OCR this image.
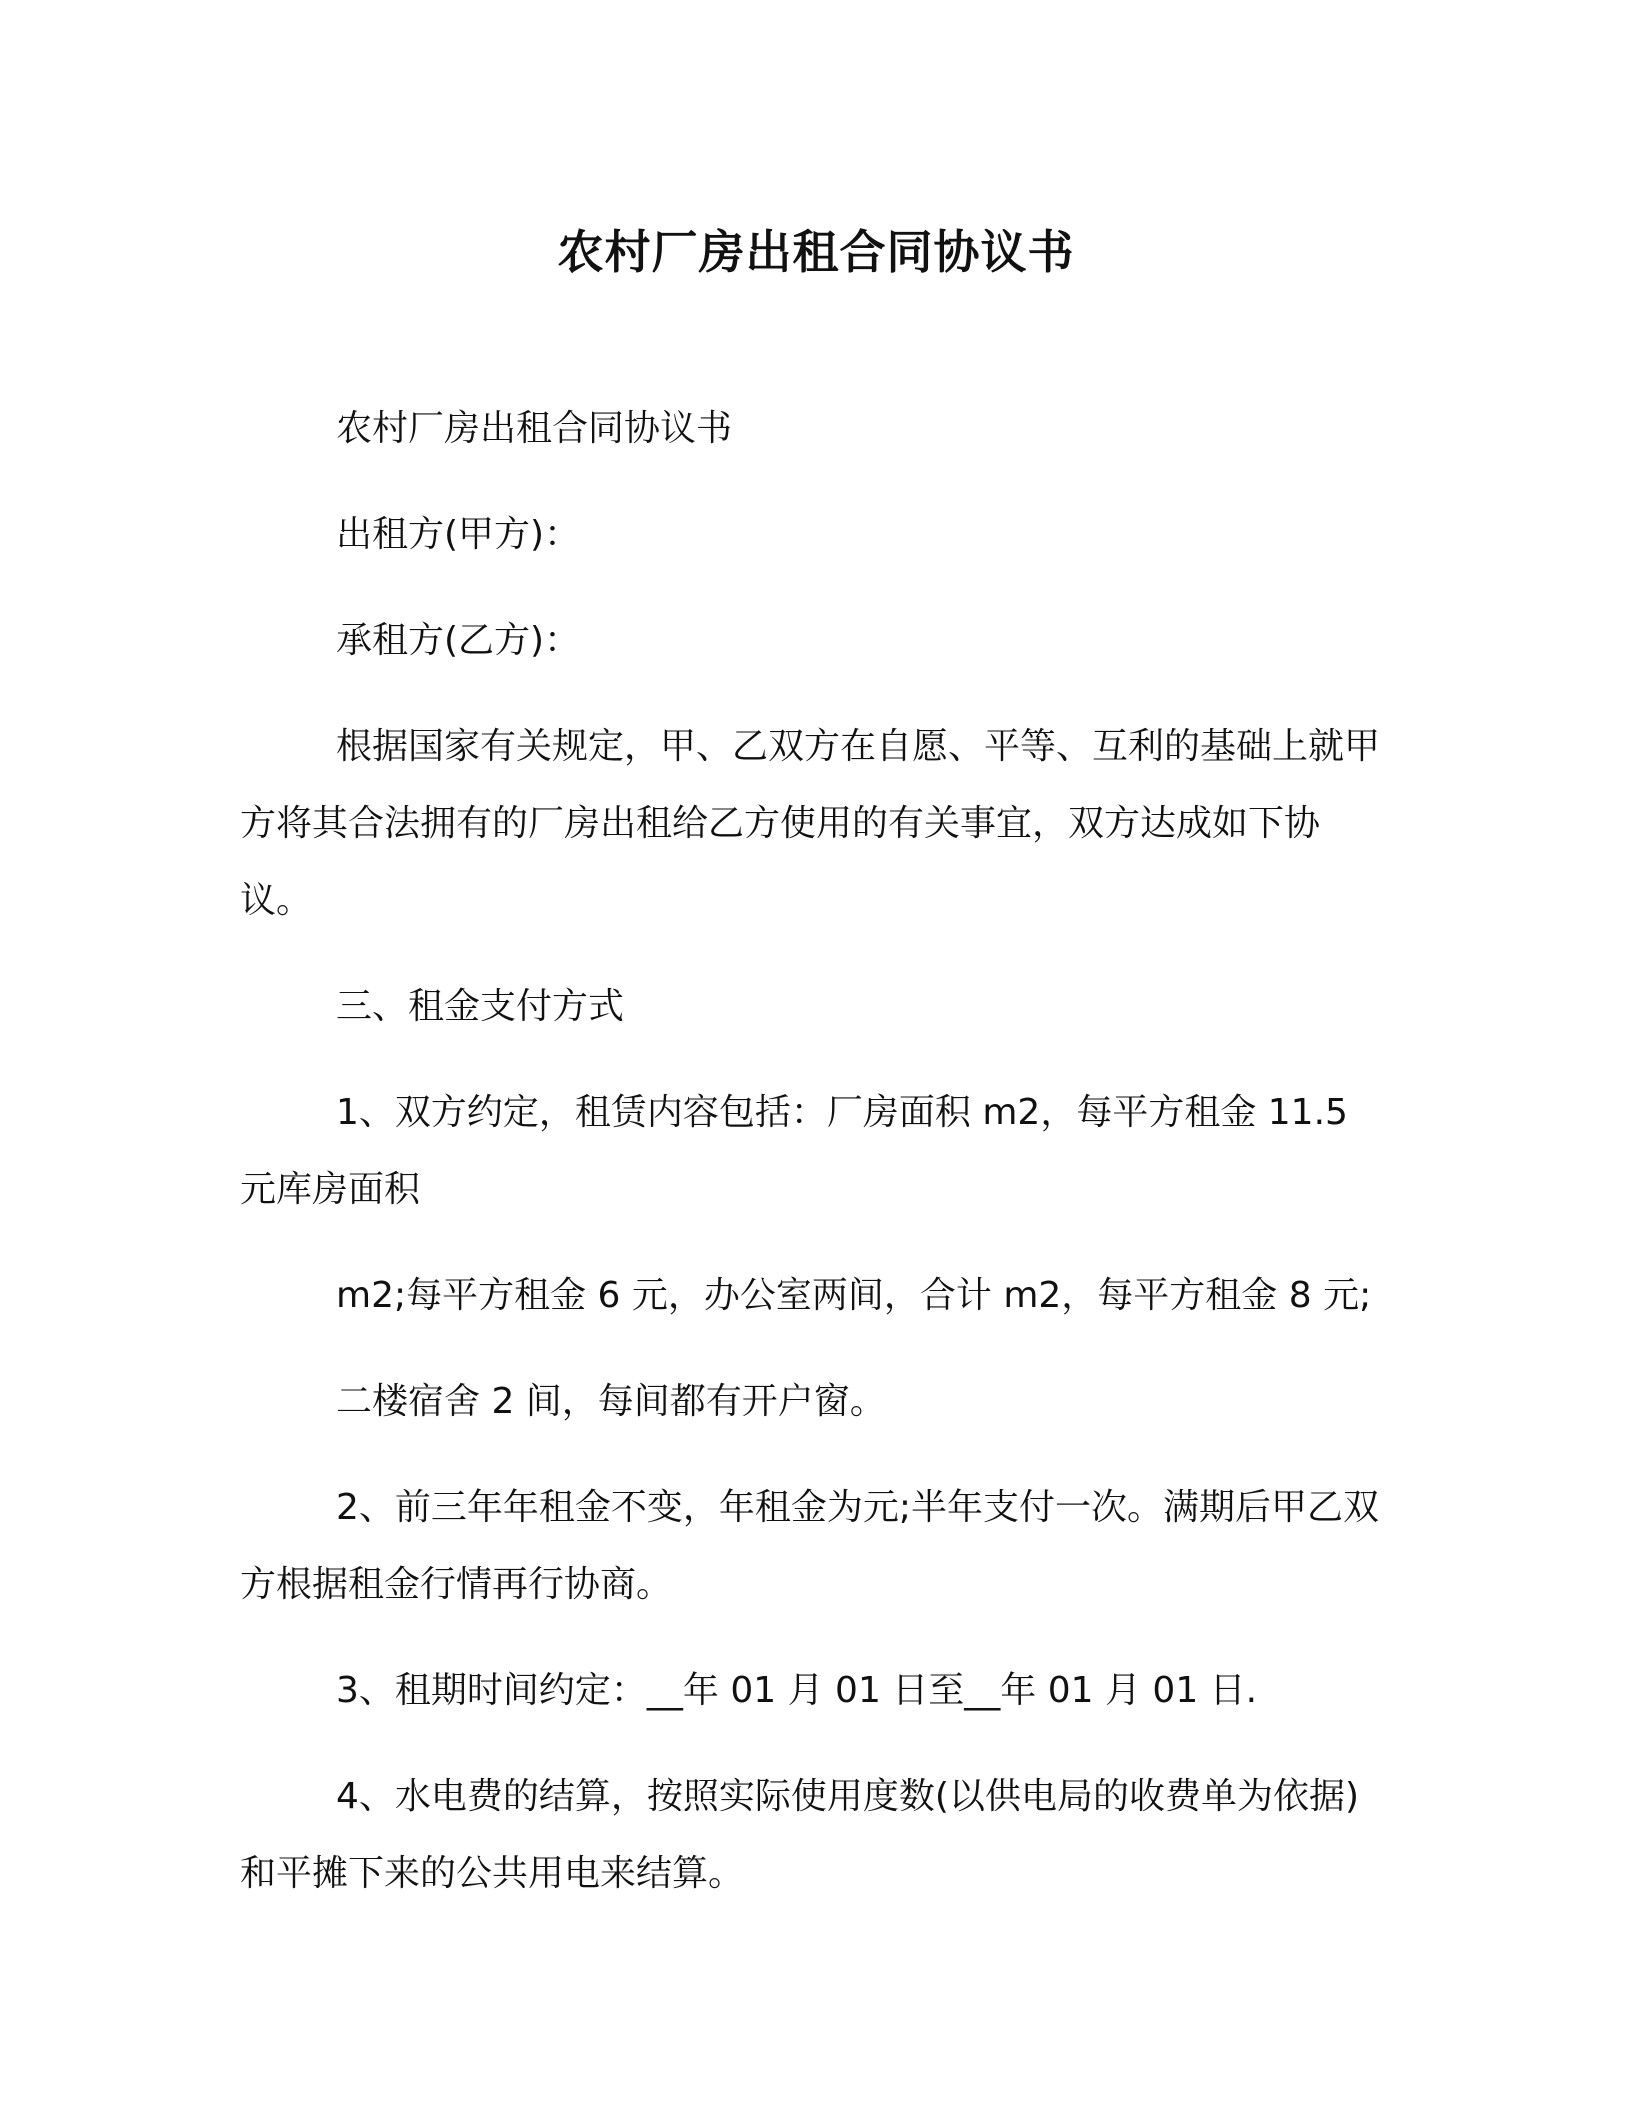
农村厂房出租合同协议书

农村厂房出租合同协议书

出租方(甲方)：

承租方(乙方)：

根据国家有关规定，甲、乙双方在自愿、平等、互利的基础上就甲方将其合法拥有的厂房出租给乙方使用的有关事宜，双方达成如下协议。

三、租金支付方式

1、双方约定，租赁内容包括：厂房面积 m2，每平方租金 11.5 元库房面积

m2;每平方租金 6 元，办公室两间，合计 m2，每平方租金 8 元;

二楼宿舍 2 间，每间都有开户窗。

2、前三年年租金不变，年租金为元;半年支付一次。满期后甲乙双方根据租金行情再行协商。

3、租期时间约定：__年 01 月 01 日至__年 01 月 01 日.

4、水电费的结算，按照实际使用度数(以供电局的收费单为依据)和平摊下来的公共用电来结算。
